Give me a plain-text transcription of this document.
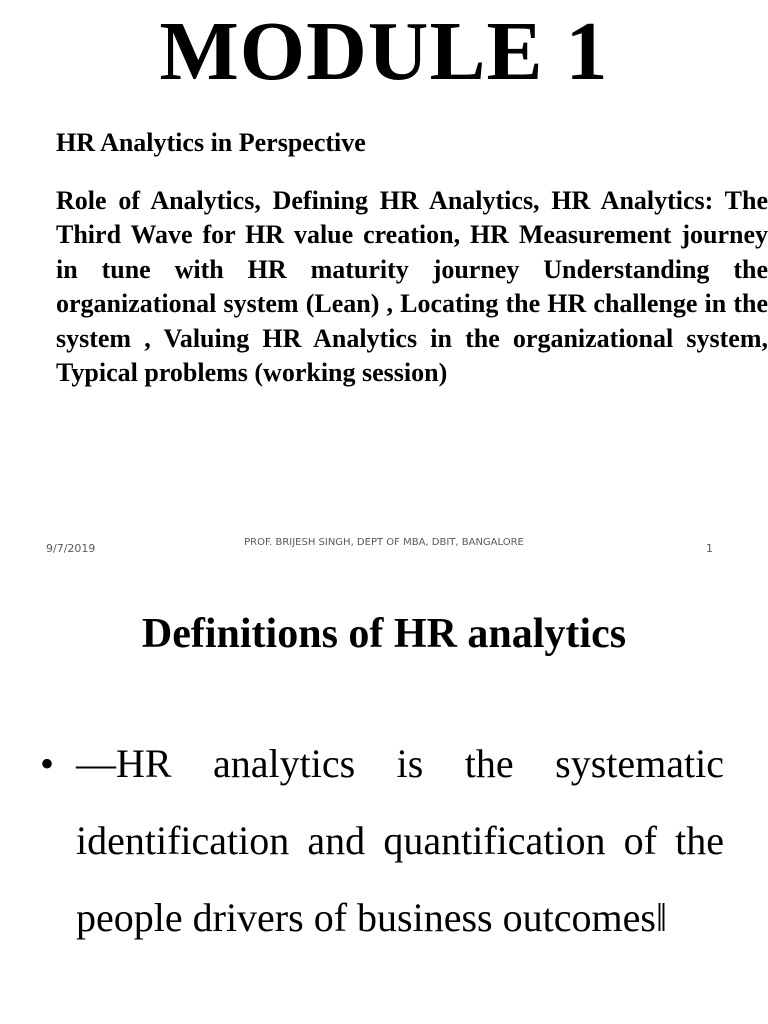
MODULE 1

HR Analytics in Perspective

Role of Analytics, Defining HR Analytics, HR Analytics: The Third Wave for HR value creation, HR Measurement journey in tune with HR maturity journey Understanding the organizational system (Lean) , Locating the HR challenge in the system , Valuing HR Analytics in the organizational system, Typical problems (working session)

9/7/2019	PROF. BRIJESH SINGH, DEPT OF MBA, DBIT, BANGALORE	1
Definitions of HR analytics
• ―HR analytics is the systematic identification and quantification of the people drivers of business outcomes‖
